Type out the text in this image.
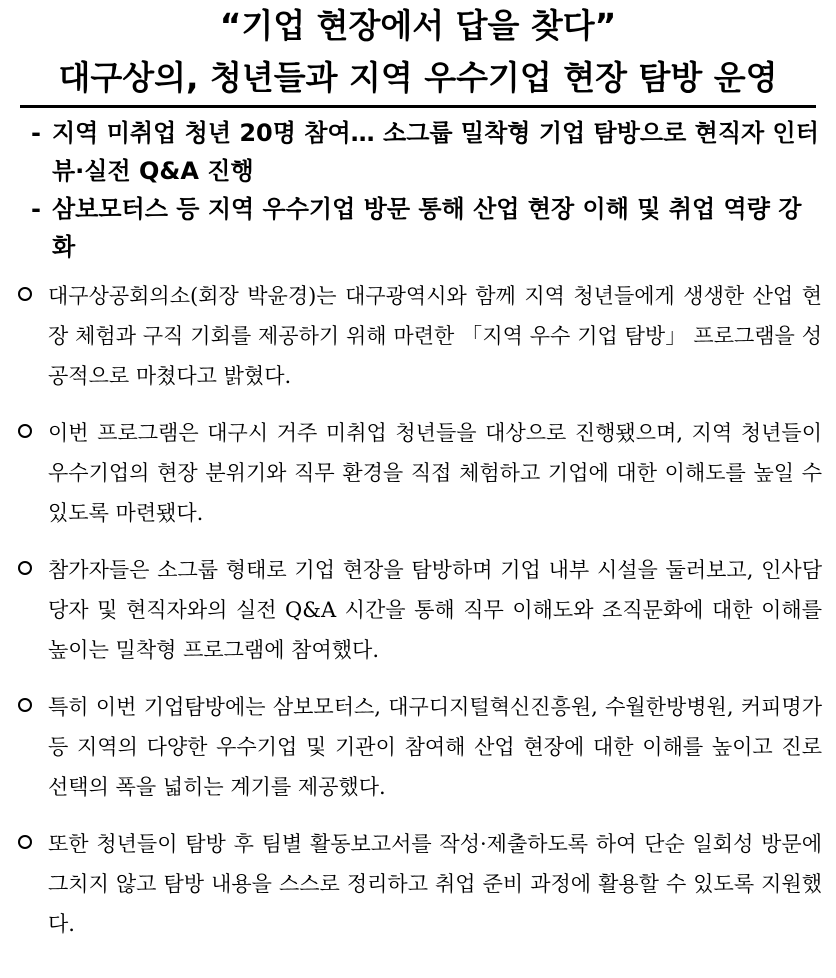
“기업 현장에서 답을 찾다”
대구상의, 청년들과 지역 우수기업 현장 탐방 운영
- 지역 미취업 청년 20명 참여… 소그룹 밀착형 기업 탐방으로 현직자 인터뷰·실전 Q&A 진행
- 삼보모터스 등 지역 우수기업 방문 통해 산업 현장 이해 및 취업 역량 강화
대구상공회의소(회장 박윤경)는 대구광역시와 함께 지역 청년들에게 생생한 산업 현장 체험과 구직 기회를 제공하기 위해 마련한 「지역 우수 기업 탐방」 프로그램을 성공적으로 마쳤다고 밝혔다.
이번 프로그램은 대구시 거주 미취업 청년들을 대상으로 진행됐으며, 지역 청년들이 우수기업의 현장 분위기와 직무 환경을 직접 체험하고 기업에 대한 이해도를 높일 수 있도록 마련됐다.
참가자들은 소그룹 형태로 기업 현장을 탐방하며 기업 내부 시설을 둘러보고, 인사담당자 및 현직자와의 실전 Q&A 시간을 통해 직무 이해도와 조직문화에 대한 이해를 높이는 밀착형 프로그램에 참여했다.
특히 이번 기업탐방에는 삼보모터스, 대구디지털혁신진흥원, 수월한방병원, 커피명가 등 지역의 다양한 우수기업 및 기관이 참여해 산업 현장에 대한 이해를 높이고 진로 선택의 폭을 넓히는 계기를 제공했다.
또한 청년들이 탐방 후 팀별 활동보고서를 작성·제출하도록 하여 단순 일회성 방문에 그치지 않고 탐방 내용을 스스로 정리하고 취업 준비 과정에 활용할 수 있도록 지원했다.
